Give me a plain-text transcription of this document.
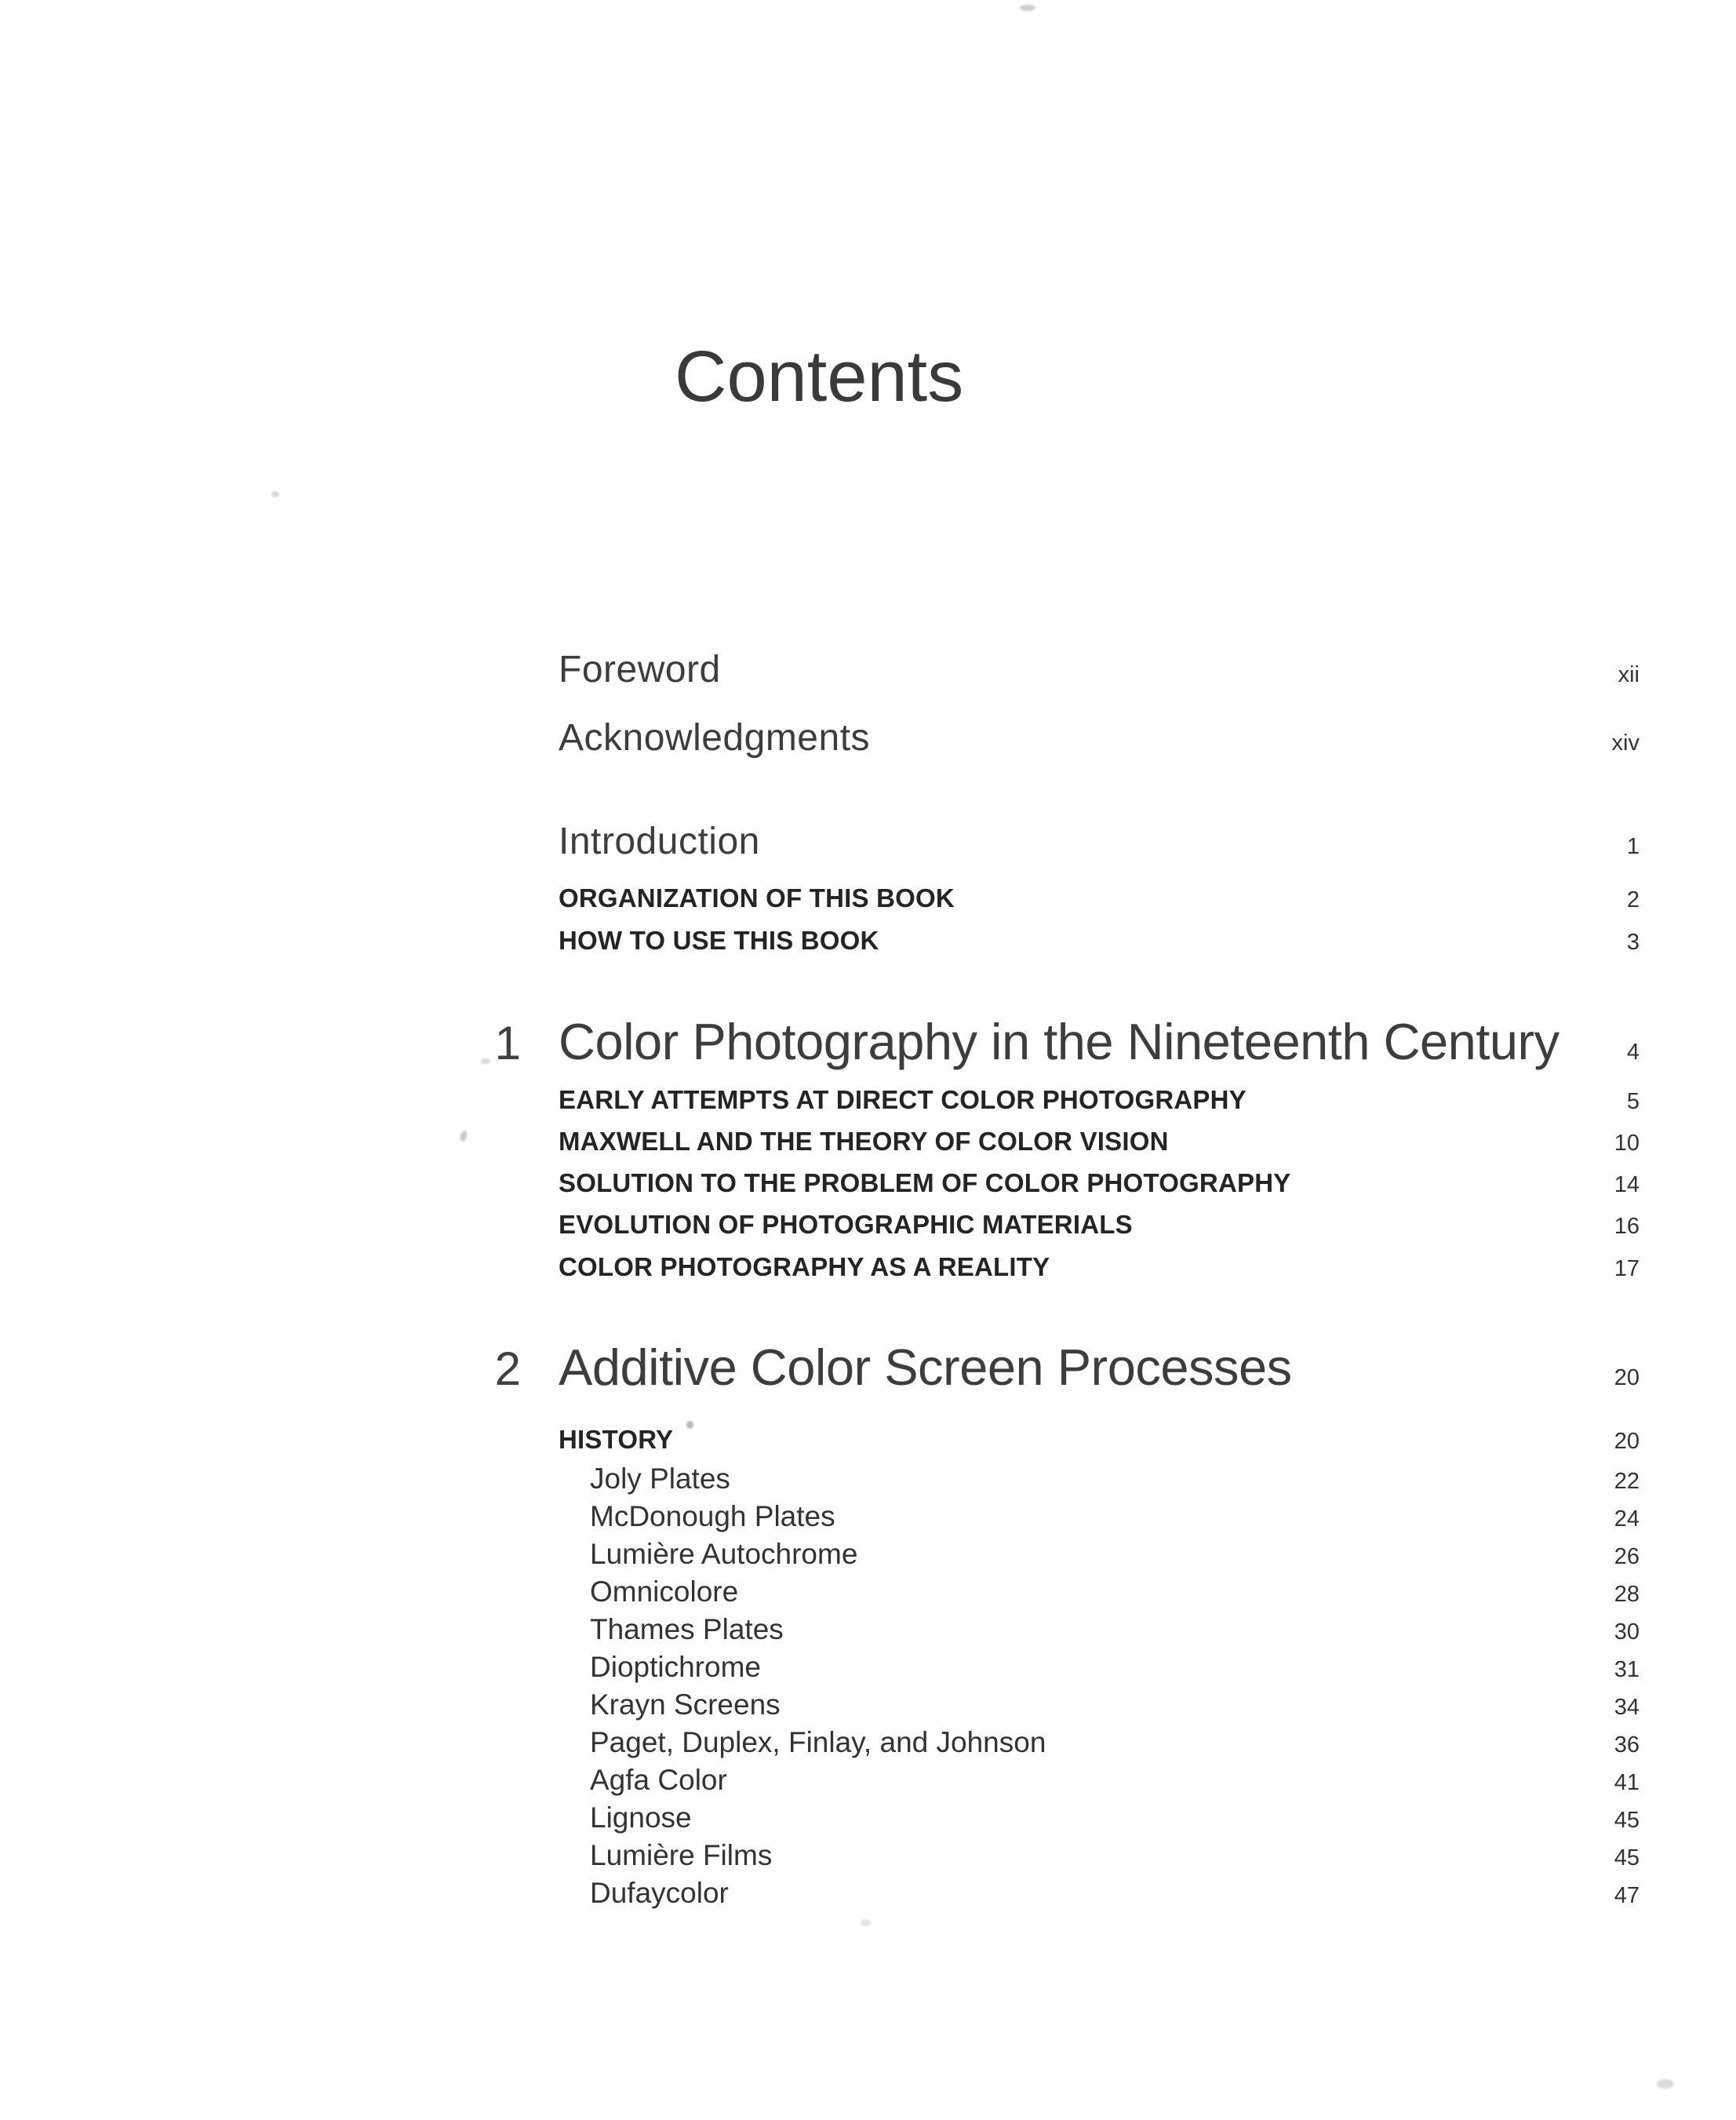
Contents
Foreword	xii
Acknowledgments	xiv
Introduction	1
ORGANIZATION OF THIS BOOK	2
HOW TO USE THIS BOOK	3
1 Color Photography in the Nineteenth Century	4
EARLY ATTEMPTS AT DIRECT COLOR PHOTOGRAPHY	5
MAXWELL AND THE THEORY OF COLOR VISION	10
SOLUTION TO THE PROBLEM OF COLOR PHOTOGRAPHY	14
EVOLUTION OF PHOTOGRAPHIC MATERIALS	16
COLOR PHOTOGRAPHY AS A REALITY	17
2 Additive Color Screen Processes	20
HISTORY	20
Joly Plates	22
McDonough Plates	24
Lumière Autochrome	26
Omnicolore	28
Thames Plates	30
Dioptichrome	31
Krayn Screens	34
Paget, Duplex, Finlay, and Johnson	36
Agfa Color	41
Lignose	45
Lumière Films	45
Dufaycolor	47
